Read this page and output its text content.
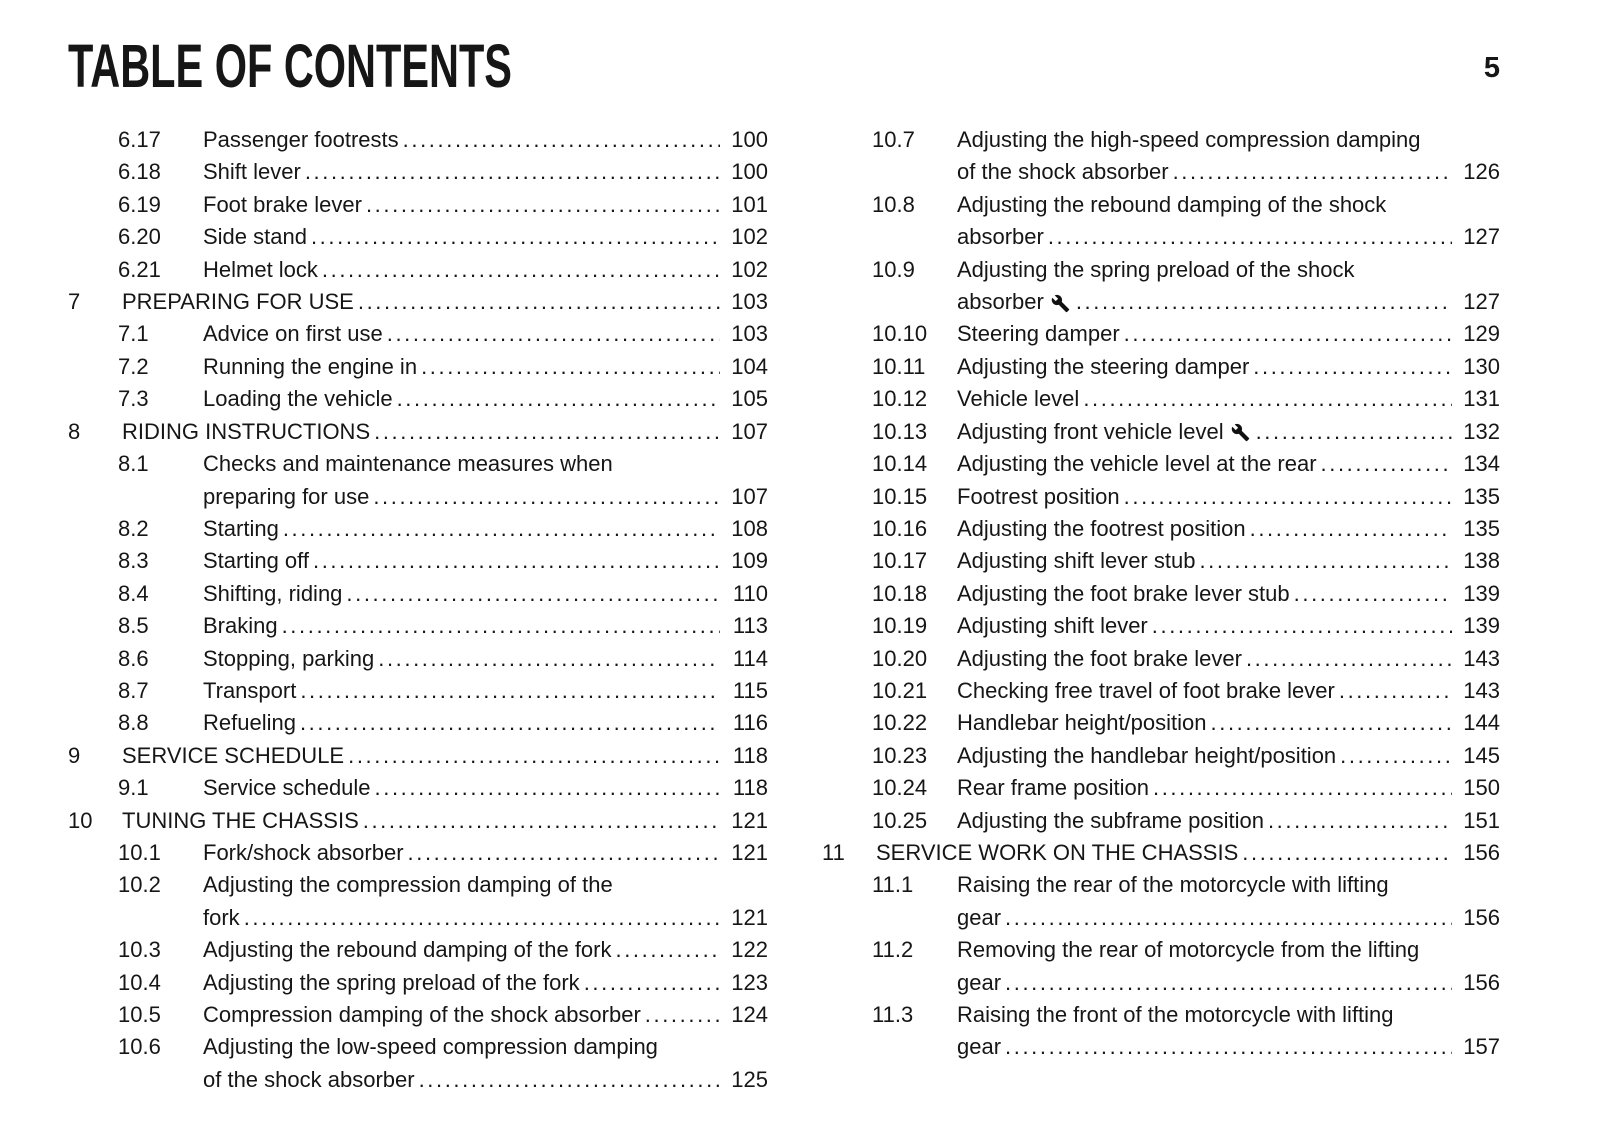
TABLE OF CONTENTS	5
6.17	Passenger footrests .....	100
6.18	Shift lever .....	100
6.19	Foot brake lever .....	101
6.20	Side stand .....	102
6.21	Helmet lock .....	102
7	PREPARING FOR USE .....	103
7.1	Advice on first use .....	103
7.2	Running the engine in .....	104
7.3	Loading the vehicle .....	105
8	RIDING INSTRUCTIONS .....	107
8.1	Checks and maintenance measures when
preparing for use .....	107
8.2	Starting .....	108
8.3	Starting off .....	109
8.4	Shifting, riding .....	110
8.5	Braking .....	113
8.6	Stopping, parking .....	114
8.7	Transport .....	115
8.8	Refueling .....	116
9	SERVICE SCHEDULE .....	118
9.1	Service schedule .....	118
10	TUNING THE CHASSIS .....	121
10.1	Fork/shock absorber .....	121
10.2	Adjusting the compression damping of the
fork .....	121
10.3	Adjusting the rebound damping of the fork .....	122
10.4	Adjusting the spring preload of the fork .....	123
10.5	Compression damping of the shock absorber .....	124
10.6	Adjusting the low-speed compression damping
of the shock absorber .....	125
10.7	Adjusting the high-speed compression damping
of the shock absorber .....	126
10.8	Adjusting the rebound damping of the shock
absorber .....	127
10.9	Adjusting the spring preload of the shock
absorber .....	127
10.10	Steering damper .....	129
10.11	Adjusting the steering damper .....	130
10.12	Vehicle level .....	131
10.13	Adjusting front vehicle level .....	132
10.14	Adjusting the vehicle level at the rear .....	134
10.15	Footrest position .....	135
10.16	Adjusting the footrest position .....	135
10.17	Adjusting shift lever stub .....	138
10.18	Adjusting the foot brake lever stub .....	139
10.19	Adjusting shift lever .....	139
10.20	Adjusting the foot brake lever .....	143
10.21	Checking free travel of foot brake lever .....	143
10.22	Handlebar height/position .....	144
10.23	Adjusting the handlebar height/position .....	145
10.24	Rear frame position .....	150
10.25	Adjusting the subframe position .....	151
11	SERVICE WORK ON THE CHASSIS .....	156
11.1	Raising the rear of the motorcycle with lifting
gear .....	156
11.2	Removing the rear of motorcycle from the lifting
gear .....	156
11.3	Raising the front of the motorcycle with lifting
gear .....	157
